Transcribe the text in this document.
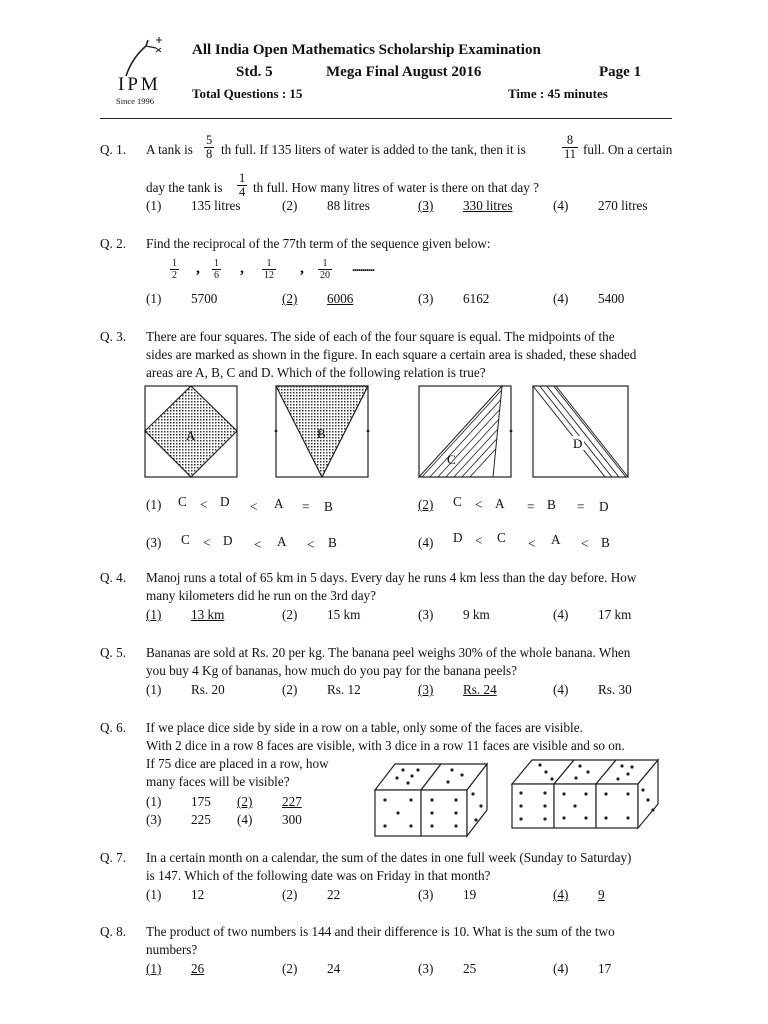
IPM
Since 1996
All India Open Mathematics Scholarship Examination
Std. 5	Mega Final August 2016	Page 1
Total Questions : 15	Time : 45 minutes
Q. 1. A tank is $\frac{5}{8}$ th full. If 135 liters of water is added to the tank, then it is	$\frac{8}{11}$ full. On a certain
day the tank is $\frac{1}{4}$ th full. How many litres of water is there on that day ?
(1) 135 litres	(2) 88 litres	(3) 330 litres	(4) 270 litres
Q. 2. Find the reciprocal of the 77th term of the sequence given below:
$\frac{1}{2}$ , $\frac{1}{6}$ , $\frac{1}{12}$ , $\frac{1}{20}$ ...........
(1) 5700	(2) 6006	(3) 6162	(4) 5400
Q. 3. There are four squares. The side of each of the four square is equal. The midpoints of the
sides are marked as shown in the figure. In each square a certain area is shaded, these shaded
areas are A, B, C and D. Which of the following relation is true?
A	B
C
D
(1) C < D < A = B	(2) C < A = B = D
(3) C < D < A < B	(4) D < C < A < B
Q. 4. Manoj runs a total of 65 km in 5 days. Every day he runs 4 km less than the day before. How
many kilometers did he run on the 3rd day?
(1) 13 km	(2) 15 km	(3) 9 km	(4) 17 km
Q. 5. Bananas are sold at Rs. 20 per kg. The banana peel weighs 30% of the whole banana. When
you buy 4 Kg of bananas, how much do you pay for the banana peels?
(1) Rs. 20	(2) Rs. 12	(3) Rs. 24	(4) Rs. 30
Q. 6. If we place dice side by side in a row on a table, only some of the faces are visible.
With 2 dice in a row 8 faces are visible, with 3 dice in a row 11 faces are visible and so on.
If 75 dice are placed in a row, how
many faces will be visible?
(1) 175 (2) 227
(3) 225 (4) 300
Q. 7. In a certain month on a calendar, the sum of the dates in one full week (Sunday to Saturday)
is 147. Which of the following date was on Friday in that month?
(1) 12	(2) 22	(3) 19	(4) 9
Q. 8. The product of two numbers is 144 and their difference is 10. What is the sum of the two
numbers?
(1) 26	(2) 24	(3) 25	(4) 17
